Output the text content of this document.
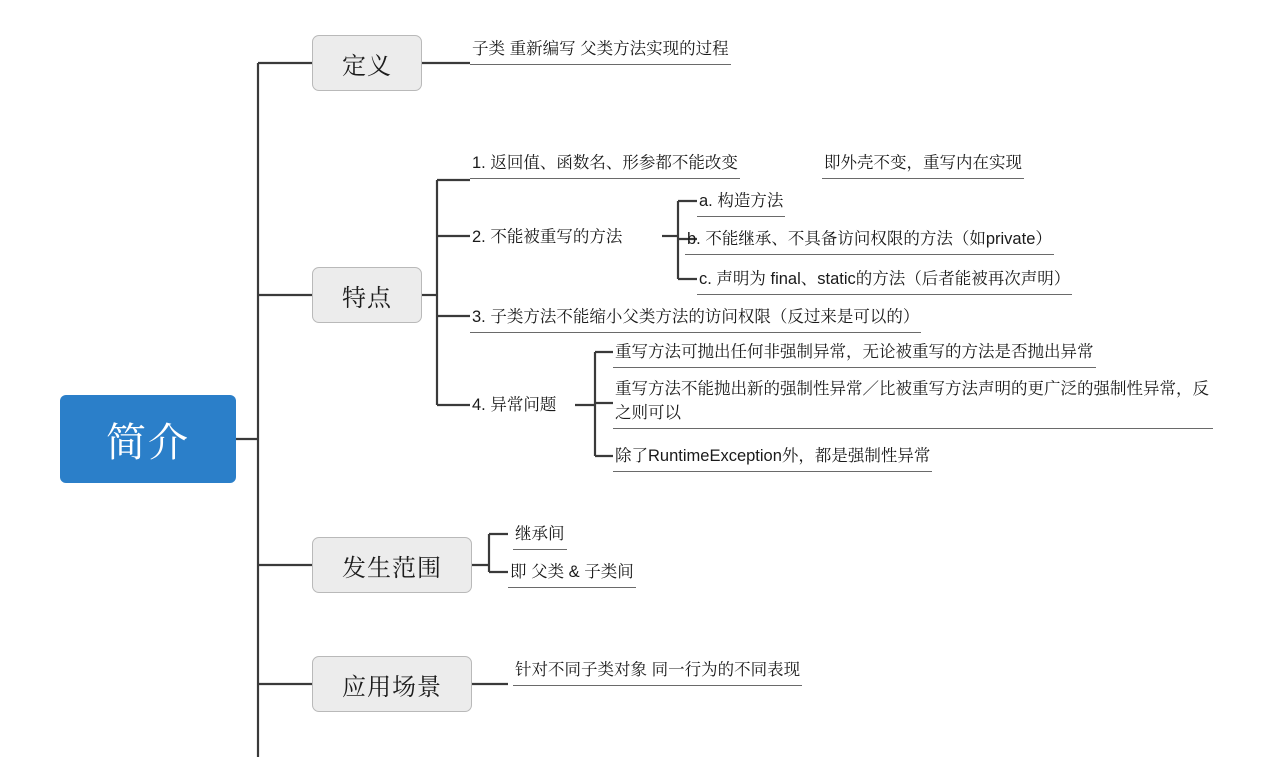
简介
定义
子类 重新编写 父类方法实现的过程
特点
1. 返回值、函数名、形参都不能改变	即外壳不变，重写内在实现
2. 不能被重写的方法
a. 构造方法
b. 不能继承、不具备访问权限的方法（如private）
c. 声明为 final、static的方法（后者能被再次声明）
3. 子类方法不能缩小父类方法的访问权限（反过来是可以的）
4. 异常问题
重写方法可抛出任何非强制异常，无论被重写的方法是否抛出异常
重写方法不能抛出新的强制性异常／比被重写方法声明的更广泛的强制性异常，反之则可以
除了RuntimeException外，都是强制性异常
发生范围
继承间
即 父类 & 子类间
应用场景
针对不同子类对象 同一行为的不同表现
